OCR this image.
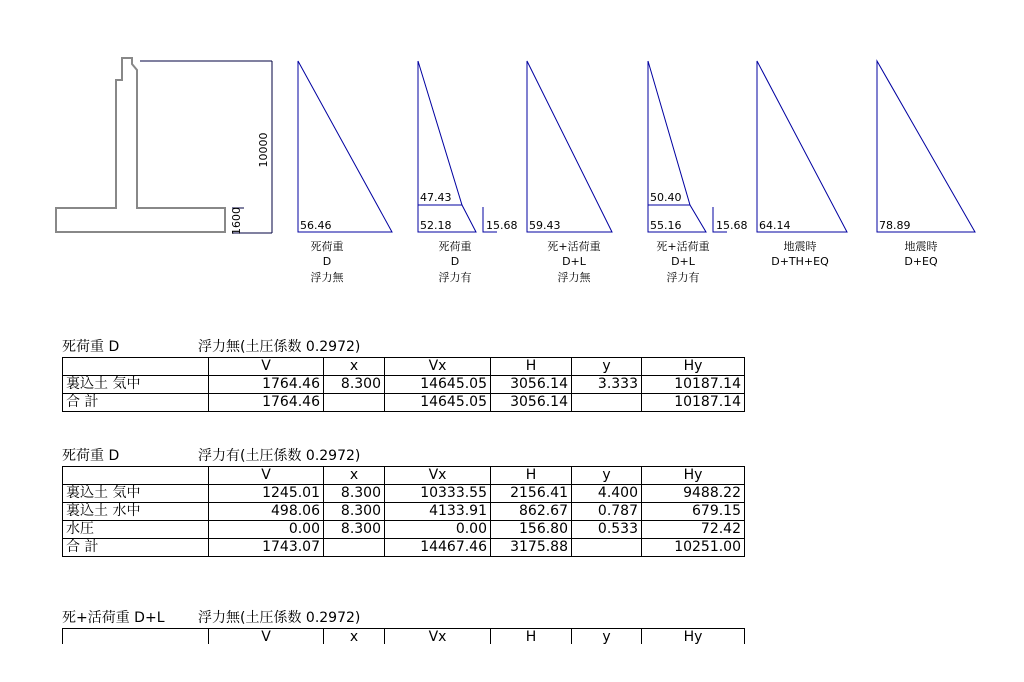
10000
1600	56.46
死荷重
D
浮力無
47.43
52.18	15.68
死荷重
D
浮力有
59.43
死+活荷重
D+L
浮力無
50.40
55.16	15.68
死+活荷重
D+L
浮力有
64.14
地震時
D+TH+EQ
78.89
地震時
D+EQ
死荷重 D	浮力無(土圧係数 0.2972)
	V	x	Vx	H	y	Hy
裏込土 気中	1764.46	8.300	14645.05	3056.14	3.333	10187.14
合 計	1764.46		14645.05	3056.14		10187.14
死荷重 D	浮力有(土圧係数 0.2972)
	V	x	Vx	H	y	Hy
裏込土 気中	1245.01	8.300	10333.55	2156.41	4.400	9488.22
裏込土 水中	498.06	8.300	4133.91	862.67	0.787	679.15
水圧	0.00	8.300	0.00	156.80	0.533	72.42
合 計	1743.07		14467.46	3175.88		10251.00
死+活荷重 D+L 浮力無(土圧係数 0.2972)
	V	x	Vx	H	y	Hy
